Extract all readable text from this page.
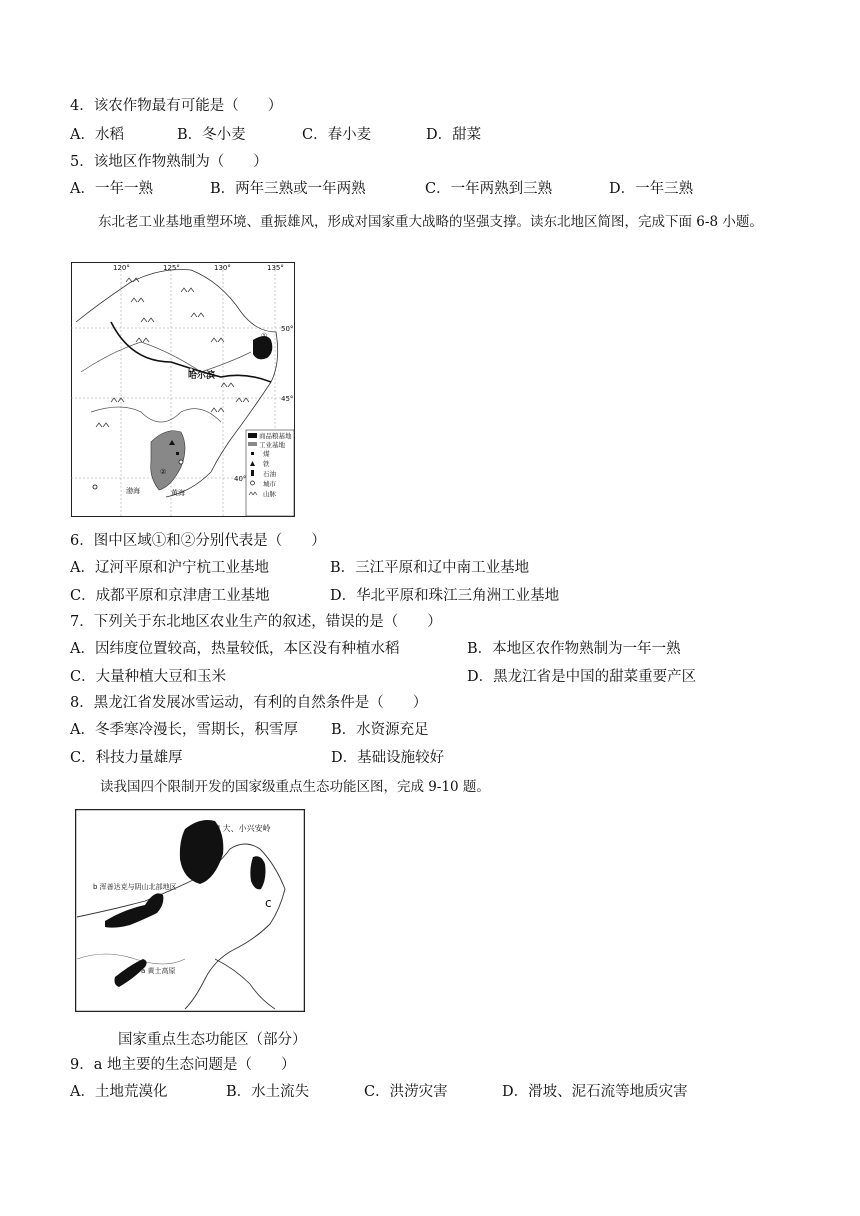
4．该农作物最有可能是（　　）
A．水稻	B．冬小麦	C．春小麦	D．甜菜
5．该地区作物熟制为（　　）
A．一年一熟	B．两年三熟或一年两熟	C．一年两熟到三熟	D．一年三熟
东北老工业基地重塑环境、重振雄风，形成对国家重大战略的坚强支撑。读东北地区简图，完成下面 6-8 小题。
120°	125°	130°	135°
50°
45°
40°
①
②
哈尔滨
渤海	黄海
商品粮基地
工业基地
煤
铁
石油
城市
山脉
6．图中区域①和②分别代表是（　　）
A．辽河平原和沪宁杭工业基地	B．三江平原和辽中南工业基地
C．成都平原和京津唐工业基地	D．华北平原和珠江三角洲工业基地
7．下列关于东北地区农业生产的叙述，错误的是（　　）
A．因纬度位置较高，热量较低，本区没有种植水稻	B．本地区农作物熟制为一年一熟
C．大量种植大豆和玉米	D．黑龙江省是中国的甜菜重要产区
8．黑龙江省发展冰雪运动，有利的自然条件是（　　）
A．冬季寒冷漫长，雪期长，积雪厚 B．水资源充足
C．科技力量雄厚	D．基础设施较好
读我国四个限制开发的国家级重点生态功能区图，完成 9-10 题。
d 大、小兴安岭
b 浑善达克与阴山北部地区
a 黄土高原
c
国家重点生态功能区（部分）
9．a 地主要的生态问题是（　　）
A．土地荒漠化	B．水土流失	C．洪涝灾害	D．滑坡、泥石流等地质灾害
